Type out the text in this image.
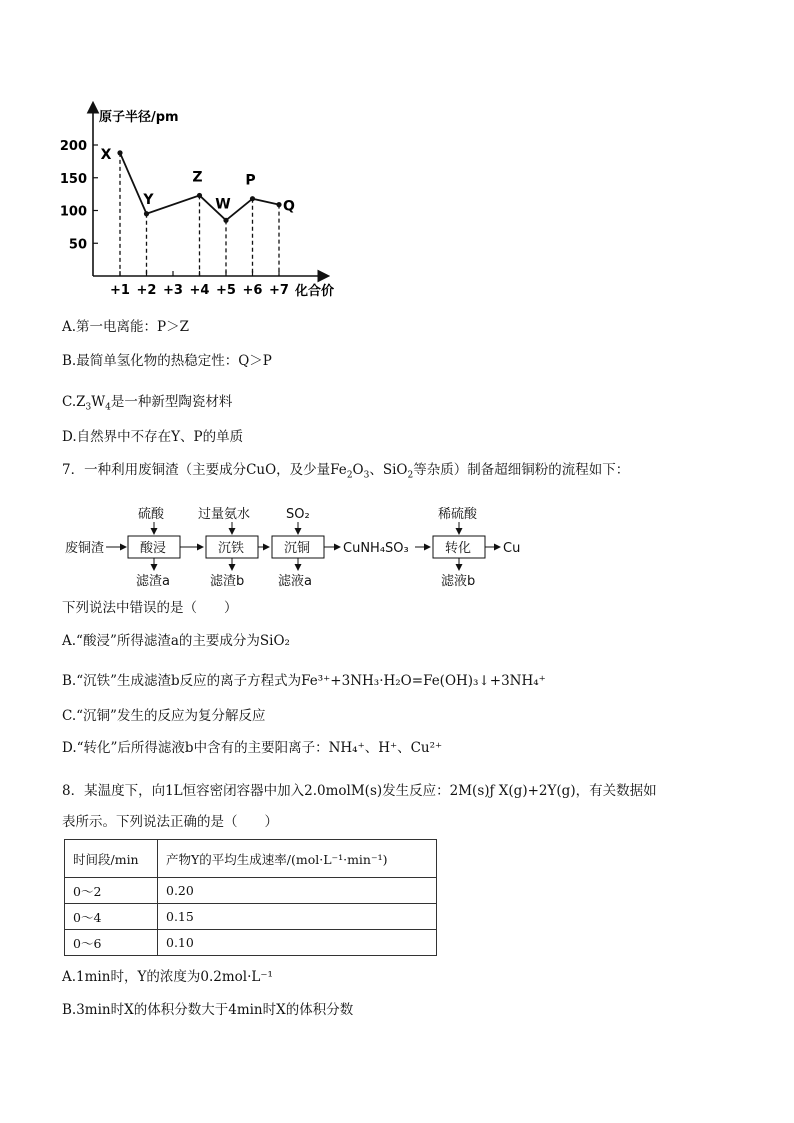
原子半径/pm
化合价
200
150
100
50
+1 +2 +3 +4 +5 +6 +7
X
Y
Z
W
P
Q
A.第一电离能：P＞Z
B.最简单氢化物的热稳定性：Q＞P
$C.Z_3W_4$是一种新型陶瓷材料
D.自然界中不存在Y、P的单质
7．一种利用废铜渣（主要成分CuO，及少量$Fe_2O_3$、SiO$_2$等杂质）制备超细铜粉的流程如下：
废铜渣	酸浸
硫酸
滤渣a
沉铁
过量氨水
滤渣b
沉铜
SO₂
滤液a
CuNH₄SO₃	转化
稀硫酸
滤液b
Cu
下列说法中错误的是（　　）
A.“酸浸”所得滤渣a的主要成分为SiO₂
B.“沉铁”生成滤渣b反应的离子方程式为Fe³⁺+3NH₃·H₂O=Fe(OH)₃↓+3NH₄⁺
C.“沉铜”发生的反应为复分解反应
D.“转化”后所得滤液b中含有的主要阳离子：NH₄⁺、H⁺、Cu²⁺
8．某温度下，向1L恒容密闭容器中加入2.0molM(s)发生反应：2M(s)ƒ X(g)+2Y(g)，有关数据如
表所示。下列说法正确的是（　　）
时间段/min	产物Y的平均生成速率/(mol·L⁻¹·min⁻¹)
0～2	0.20
0～4	0.15
0～6	0.10
A.1min时，Y的浓度为0.2mol·L⁻¹
B.3min时X的体积分数大于4min时X的体积分数
